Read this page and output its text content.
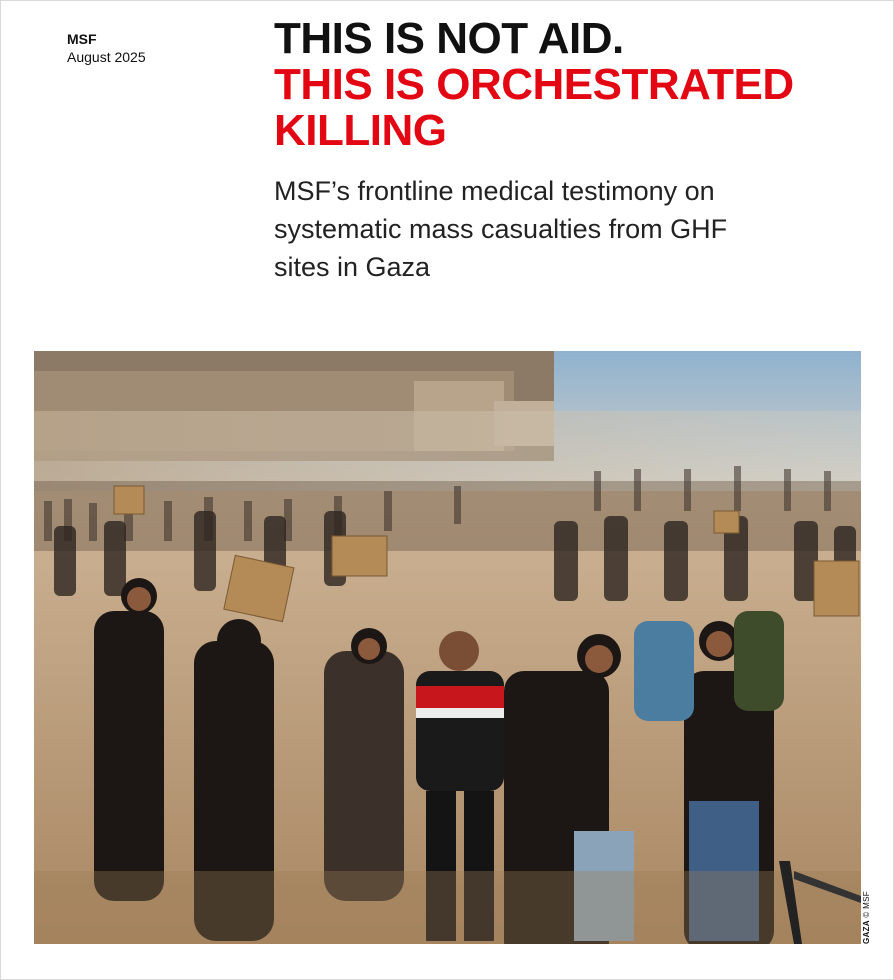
MSF
August 2025	THIS IS NOT AID.
THIS IS ORCHESTRATED KILLING

MSF’s frontline medical testimony on systematic mass casualties from GHF sites in Gaza

GAZA © MSF
